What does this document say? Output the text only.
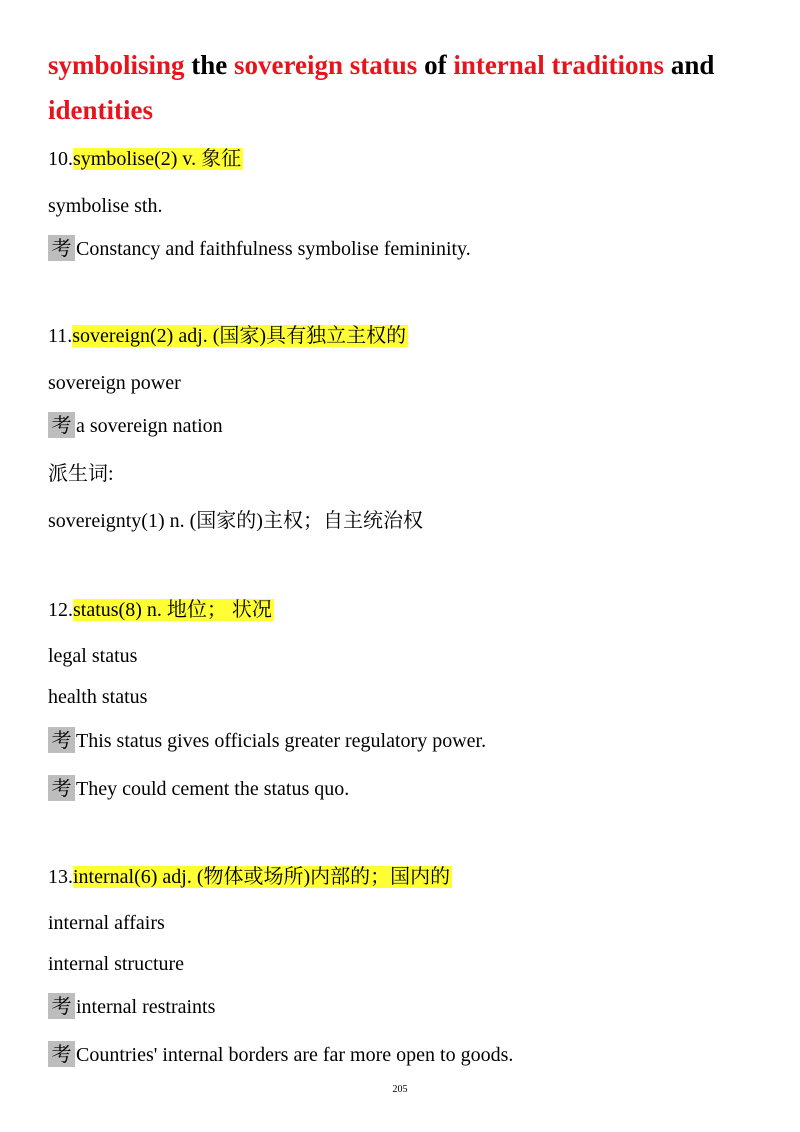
symbolising the sovereign status of internal traditions and
identities
10.symbolise(2) v. 象征
symbolise sth.
考 Constancy and faithfulness symbolise femininity.
11.sovereign(2) adj. (国家)具有独立主权的
sovereign power
考 a sovereign nation
派生词:
sovereignty(1) n. (国家的)主权；自主统治权
12.status(8) n. 地位； 状况
legal status
health status
考 This status gives officials greater regulatory power.
考 They could cement the status quo.
13.internal(6) adj. (物体或场所)内部的；国内的
internal affairs
internal structure
考 internal restraints
考 Countries' internal borders are far more open to goods.
205
